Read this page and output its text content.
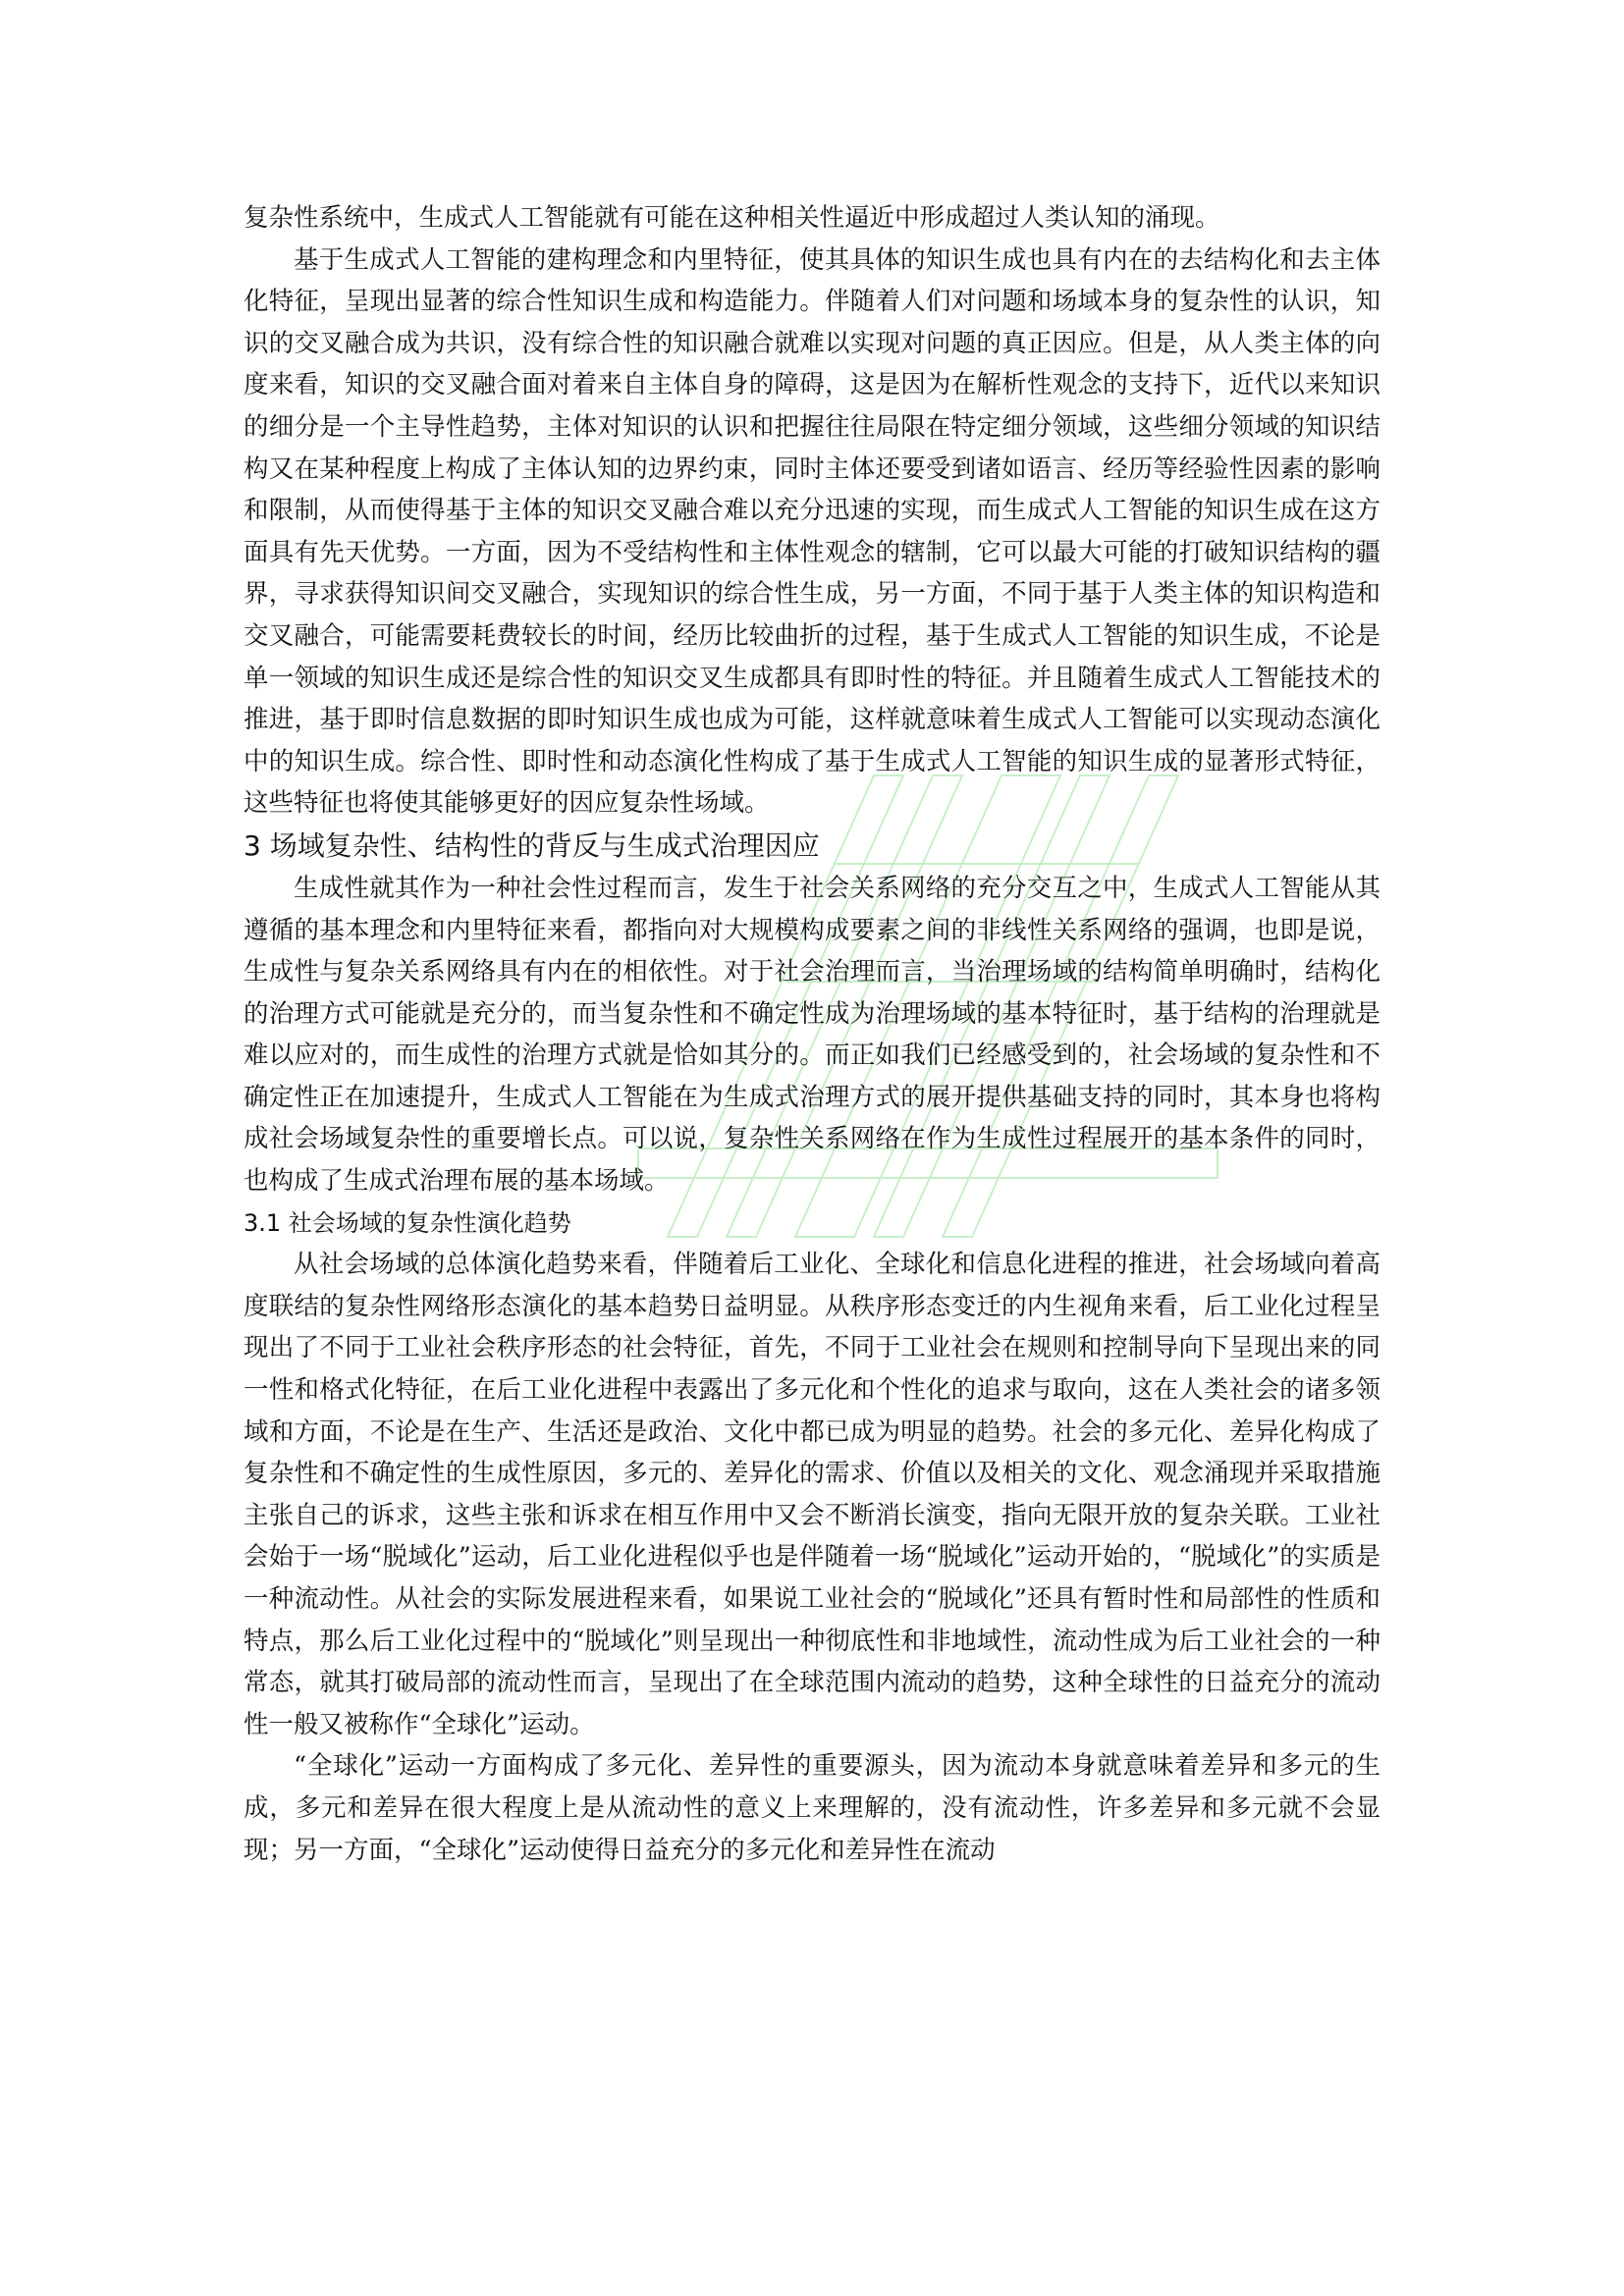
复杂性系统中，生成式人工智能就有可能在这种相关性逼近中形成超过人类认知的涌现。

基于生成式人工智能的建构理念和内里特征，使其具体的知识生成也具有内在的去结构化和去主体化特征，呈现出显著的综合性知识生成和构造能力。伴随着人们对问题和场域本身的复杂性的认识，知识的交叉融合成为共识，没有综合性的知识融合就难以实现对问题的真正因应。但是，从人类主体的向度来看，知识的交叉融合面对着来自主体自身的障碍，这是因为在解析性观念的支持下，近代以来知识的细分是一个主导性趋势，主体对知识的认识和把握往往局限在特定细分领域，这些细分领域的知识结构又在某种程度上构成了主体认知的边界约束，同时主体还要受到诸如语言、经历等经验性因素的影响和限制，从而使得基于主体的知识交叉融合难以充分迅速的实现，而生成式人工智能的知识生成在这方面具有先天优势。一方面，因为不受结构性和主体性观念的辖制，它可以最大可能的打破知识结构的疆界，寻求获得知识间交叉融合，实现知识的综合性生成，另一方面，不同于基于人类主体的知识构造和交叉融合，可能需要耗费较长的时间，经历比较曲折的过程，基于生成式人工智能的知识生成，不论是单一领域的知识生成还是综合性的知识交叉生成都具有即时性的特征。并且随着生成式人工智能技术的推进，基于即时信息数据的即时知识生成也成为可能，这样就意味着生成式人工智能可以实现动态演化中的知识生成。综合性、即时性和动态演化性构成了基于生成式人工智能的知识生成的显著形式特征，这些特征也将使其能够更好的因应复杂性场域。

3 场域复杂性、结构性的背反与生成式治理因应

生成性就其作为一种社会性过程而言，发生于社会关系网络的充分交互之中，生成式人工智能从其遵循的基本理念和内里特征来看，都指向对大规模构成要素之间的非线性关系网络的强调，也即是说，生成性与复杂关系网络具有内在的相依性。对于社会治理而言，当治理场域的结构简单明确时，结构化的治理方式可能就是充分的，而当复杂性和不确定性成为治理场域的基本特征时，基于结构的治理就是难以应对的，而生成性的治理方式就是恰如其分的。而正如我们已经感受到的，社会场域的复杂性和不确定性正在加速提升，生成式人工智能在为生成式治理方式的展开提供基础支持的同时，其本身也将构成社会场域复杂性的重要增长点。可以说，复杂性关系网络在作为生成性过程展开的基本条件的同时，也构成了生成式治理布展的基本场域。

3.1 社会场域的复杂性演化趋势

从社会场域的总体演化趋势来看，伴随着后工业化、全球化和信息化进程的推进，社会场域向着高度联结的复杂性网络形态演化的基本趋势日益明显。从秩序形态变迁的内生视角来看，后工业化过程呈现出了不同于工业社会秩序形态的社会特征，首先，不同于工业社会在规则和控制导向下呈现出来的同一性和格式化特征，在后工业化进程中表露出了多元化和个性化的追求与取向，这在人类社会的诸多领域和方面，不论是在生产、生活还是政治、文化中都已成为明显的趋势。社会的多元化、差异化构成了复杂性和不确定性的生成性原因，多元的、差异化的需求、价值以及相关的文化、观念涌现并采取措施主张自己的诉求，这些主张和诉求在相互作用中又会不断消长演变，指向无限开放的复杂关联。工业社会始于一场“脱域化”运动，后工业化进程似乎也是伴随着一场“脱域化”运动开始的，“脱域化”的实质是一种流动性。从社会的实际发展进程来看，如果说工业社会的“脱域化”还具有暂时性和局部性的性质和特点，那么后工业化过程中的“脱域化”则呈现出一种彻底性和非地域性，流动性成为后工业社会的一种常态，就其打破局部的流动性而言，呈现出了在全球范围内流动的趋势，这种全球性的日益充分的流动性一般又被称作“全球化”运动。

“全球化”运动一方面构成了多元化、差异性的重要源头，因为流动本身就意味着差异和多元的生成，多元和差异在很大程度上是从流动性的意义上来理解的，没有流动性，许多差异和多元就不会显现；另一方面，“全球化”运动使得日益充分的多元化和差异性在流动
